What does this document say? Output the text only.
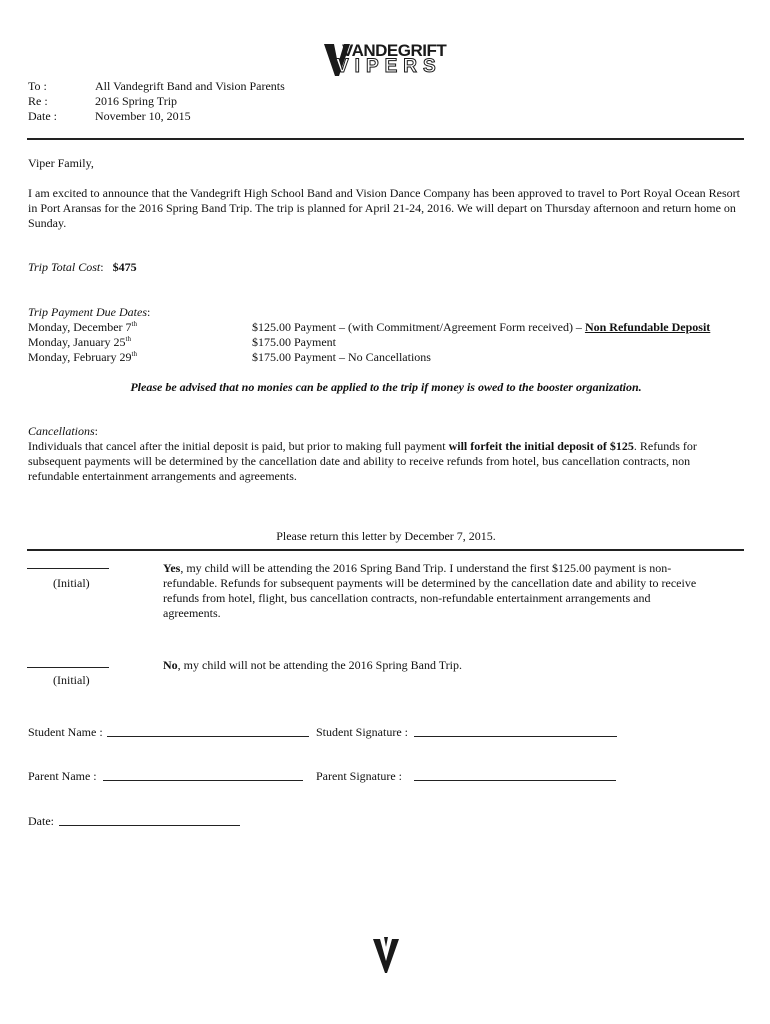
VANDEGRIFT
VIPERS
To :	All Vandegrift Band and Vision Parents
Re :	2016 Spring Trip
Date :	November 10, 2015
Viper Family,
I am excited to announce that the Vandegrift High School Band and Vision Dance Company has been approved to travel to Port Royal Ocean Resort in Port Aransas for the 2016 Spring Band Trip. The trip is planned for April 21-24, 2016. We will depart on Thursday afternoon and return home on Sunday.
Trip Total Cost:   $475
Trip Payment Due Dates:
Monday, December 7th	$125.00 Payment – (with Commitment/Agreement Form received) – Non Refundable Deposit
Monday, January 25th	$175.00 Payment
Monday, February 29th	$175.00 Payment – No Cancellations
Please be advised that no monies can be applied to the trip if money is owed to the booster organization.
Cancellations:
Individuals that cancel after the initial deposit is paid, but prior to making full payment will forfeit the initial deposit of $125. Refunds for subsequent payments will be determined by the cancellation date and ability to receive refunds from hotel, bus cancellation contracts, non refundable entertainment arrangements and agreements.
Please return this letter by December 7, 2015.
(Initial)
Yes, my child will be attending the 2016 Spring Band Trip. I understand the first $125.00 payment is non-refundable. Refunds for subsequent payments will be determined by the cancellation date and ability to receive refunds from hotel, flight, bus cancellation contracts, non-refundable entertainment arrangements and agreements.
(Initial)
No, my child will not be attending the 2016 Spring Band Trip.
Student Name :	Student Signature :
Parent Name :	Parent Signature :
Date:
